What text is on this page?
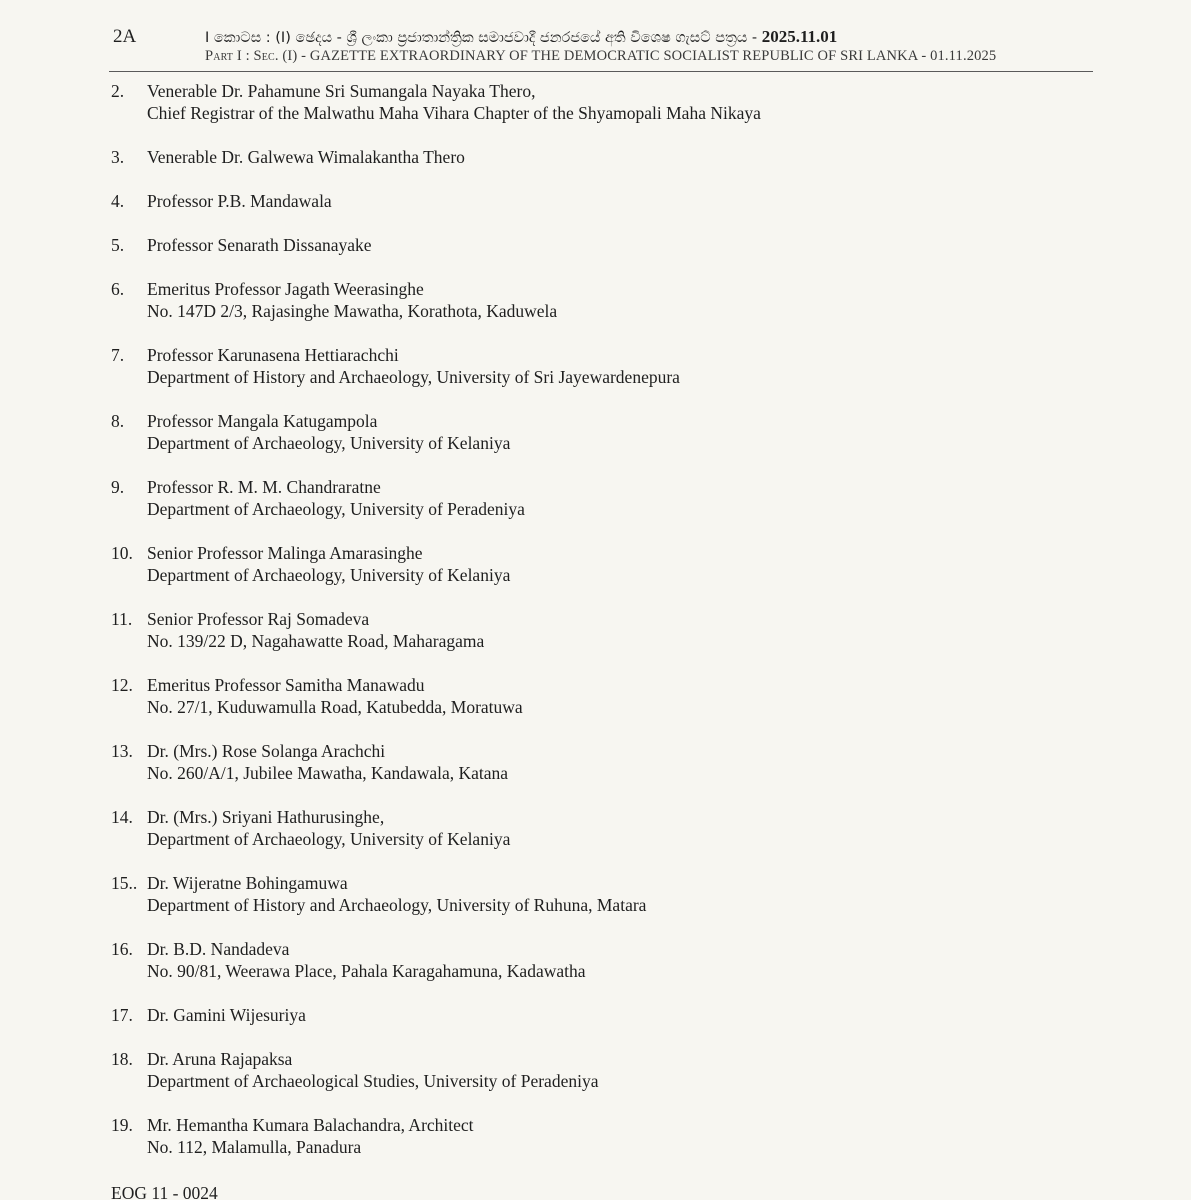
2A	I කොටස : (I) ඡෙදය - ශ්‍රී ලංකා ප්‍රජාතාන්ත්‍රික සමාජවාදී ජනරජයේ අති විශෙෂ ගැසට් පත්‍රය - 2025.11.01
Part I : Sec. (I) - GAZETTE EXTRAORDINARY OF THE DEMOCRATIC SOCIALIST REPUBLIC OF SRI LANKA - 01.11.2025
2. Venerable Dr. Pahamune Sri Sumangala Nayaka Thero,
Chief Registrar of the Malwathu Maha Vihara Chapter of the Shyamopali Maha Nikaya
3. Venerable Dr. Galwewa Wimalakantha Thero
4. Professor P.B. Mandawala
5. Professor Senarath Dissanayake
6. Emeritus Professor Jagath Weerasinghe
No. 147D 2/3, Rajasinghe Mawatha, Korathota, Kaduwela
7. Professor Karunasena Hettiarachchi
Department of History and Archaeology, University of Sri Jayewardenepura
8. Professor Mangala Katugampola
Department of Archaeology, University of Kelaniya
9. Professor R. M. M. Chandraratne
Department of Archaeology, University of Peradeniya
10. Senior Professor Malinga Amarasinghe
Department of Archaeology, University of Kelaniya
11. Senior Professor Raj Somadeva
No. 139/22 D, Nagahawatte Road, Maharagama
12. Emeritus Professor Samitha Manawadu
No. 27/1, Kuduwamulla Road, Katubedda, Moratuwa
13. Dr. (Mrs.) Rose Solanga Arachchi
No. 260/A/1, Jubilee Mawatha, Kandawala, Katana
14. Dr. (Mrs.) Sriyani Hathurusinghe,
Department of Archaeology, University of Kelaniya
15.. Dr. Wijeratne Bohingamuwa
Department of History and Archaeology, University of Ruhuna, Matara
16. Dr. B.D. Nandadeva
No. 90/81, Weerawa Place, Pahala Karagahamuna, Kadawatha
17. Dr. Gamini Wijesuriya
18. Dr. Aruna Rajapaksa
Department of Archaeological Studies, University of Peradeniya
19. Mr. Hemantha Kumara Balachandra, Architect
No. 112, Malamulla, Panadura
EOG 11 - 0024
